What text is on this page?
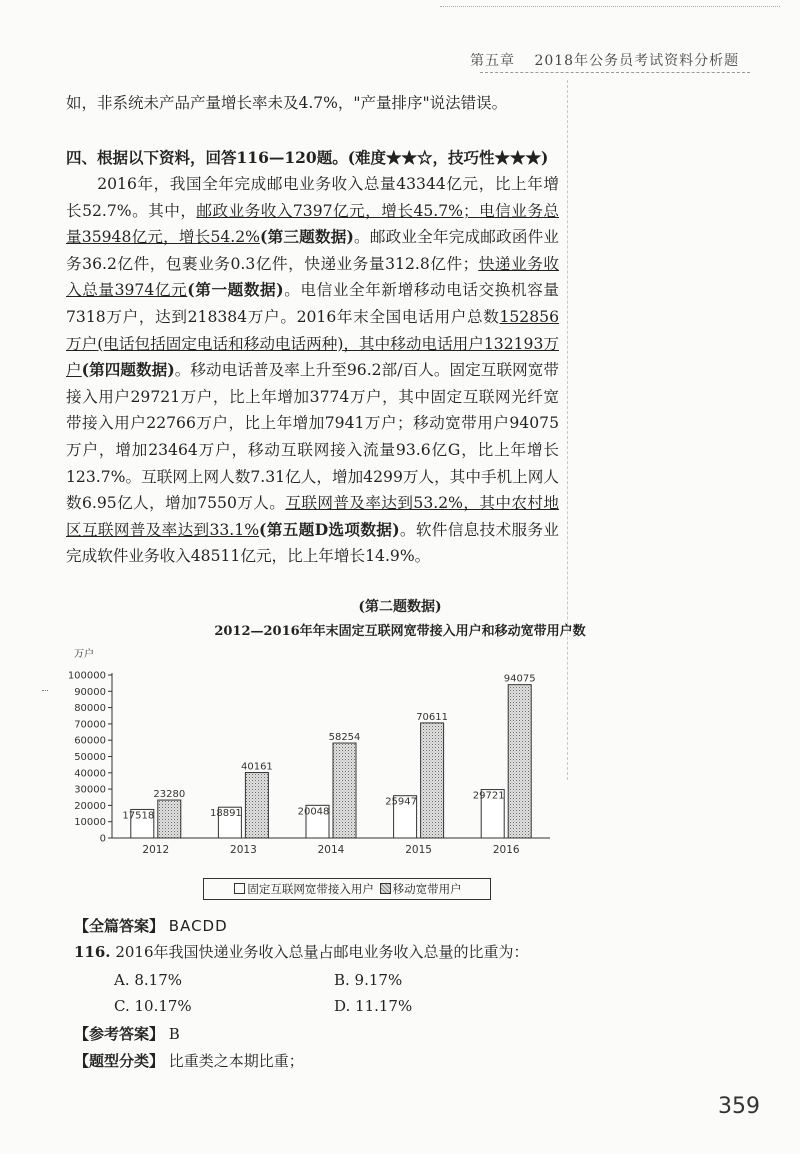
第五章 2018年公务员考试资料分析题
如，非系统未产品产量增长率未及4.7%，"产量排序"说法错误。
四、根据以下资料，回答116—120题。(难度★★☆，技巧性★★★)
2016年，我国全年完成邮电业务收入总量43344亿元，比上年增长52.7%。其中，邮政业务收入7397亿元，增长45.7%；电信业务总量35948亿元，增长54.2%(第三题数据)。邮政业全年完成邮政函件业务36.2亿件，包裹业务0.3亿件，快递业务量312.8亿件；快递业务收入总量3974亿元(第一题数据)。电信业全年新增移动电话交换机容量7318万户，达到218384万户。2016年末全国电话用户总数152856万户(电话包括固定电话和移动电话两种)，其中移动电话用户132193万户(第四题数据)。移动电话普及率上升至96.2部/百人。固定互联网宽带接入用户29721万户，比上年增加3774万户，其中固定互联网光纤宽带接入用户22766万户，比上年增加7941万户；移动宽带用户94075万户，增加23464万户，移动互联网接入流量93.6亿G，比上年增长123.7%。互联网上网人数7.31亿人，增加4299万人，其中手机上网人数6.95亿人，增加7550万人。互联网普及率达到53.2%，其中农村地区互联网普及率达到33.1%(第五题D选项数据)。软件信息技术服务业完成软件业务收入48511亿元，比上年增长14.9%。
(第二题数据)
2012—2016年年末固定互联网宽带接入用户和移动宽带用户数
万户
0
10000
20000
30000
40000
50000
60000
70000
80000
90000
100000
17518
23280
18891
40161
20048
58254
25947
70611
29721
94075
2012	2013	2014	2015	2016
固定互联网宽带接入用户 移动宽带用户
【全篇答案】 BACDD
116. 2016年我国快递业务收入总量占邮电业务收入总量的比重为：
A. 8.17%	B. 9.17%
C. 10.17%	D. 11.17%
【参考答案】 B
【题型分类】 比重类之本期比重；
359
